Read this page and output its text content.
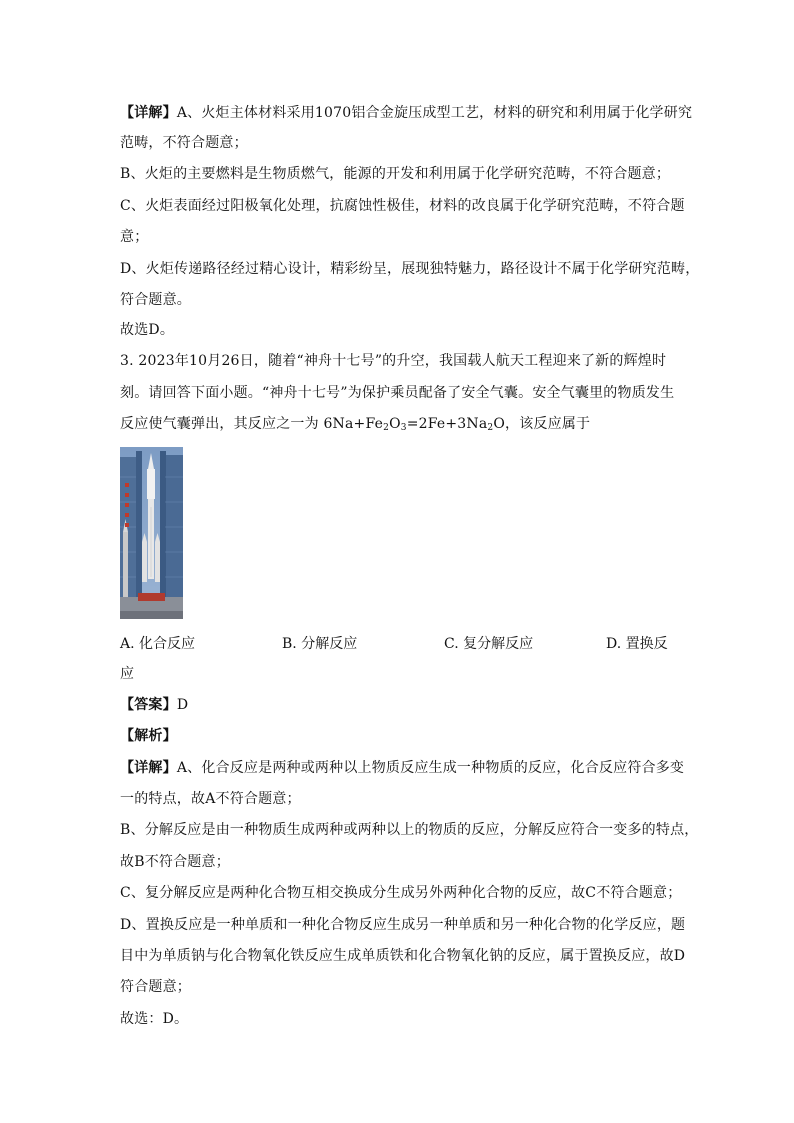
【详解】A、火炬主体材料采用1070铝合金旋压成型工艺，材料的研究和利用属于化学研究
范畴，不符合题意；
B、火炬的主要燃料是生物质燃气，能源的开发和利用属于化学研究范畴，不符合题意；
C、火炬表面经过阳极氧化处理，抗腐蚀性极佳，材料的改良属于化学研究范畴，不符合题
意；
D、火炬传递路径经过精心设计，精彩纷呈，展现独特魅力，路径设计不属于化学研究范畴，
符合题意。
故选D。
3. 2023年10月26日，随着“神舟十七号”的升空，我国载人航天工程迎来了新的辉煌时
刻。请回答下面小题。“神舟十七号”为保护乘员配备了安全气囊。安全气囊里的物质发生
反应使气囊弹出，其反应之一为 $6Na+Fe_2O_3=2Fe+3Na_2O$，该反应属于
A. 化合反应	B. 分解反应	C. 复分解反应	D. 置换反
应
【答案】D
【解析】
【详解】A、化合反应是两种或两种以上物质反应生成一种物质的反应，化合反应符合多变
一的特点，故A不符合题意；
B、分解反应是由一种物质生成两种或两种以上的物质的反应，分解反应符合一变多的特点，
故B不符合题意；
C、复分解反应是两种化合物互相交换成分生成另外两种化合物的反应，故C不符合题意；
D、置换反应是一种单质和一种化合物反应生成另一种单质和另一种化合物的化学反应，题
目中为单质钠与化合物氧化铁反应生成单质铁和化合物氧化钠的反应，属于置换反应，故D
符合题意；
故选：D。
